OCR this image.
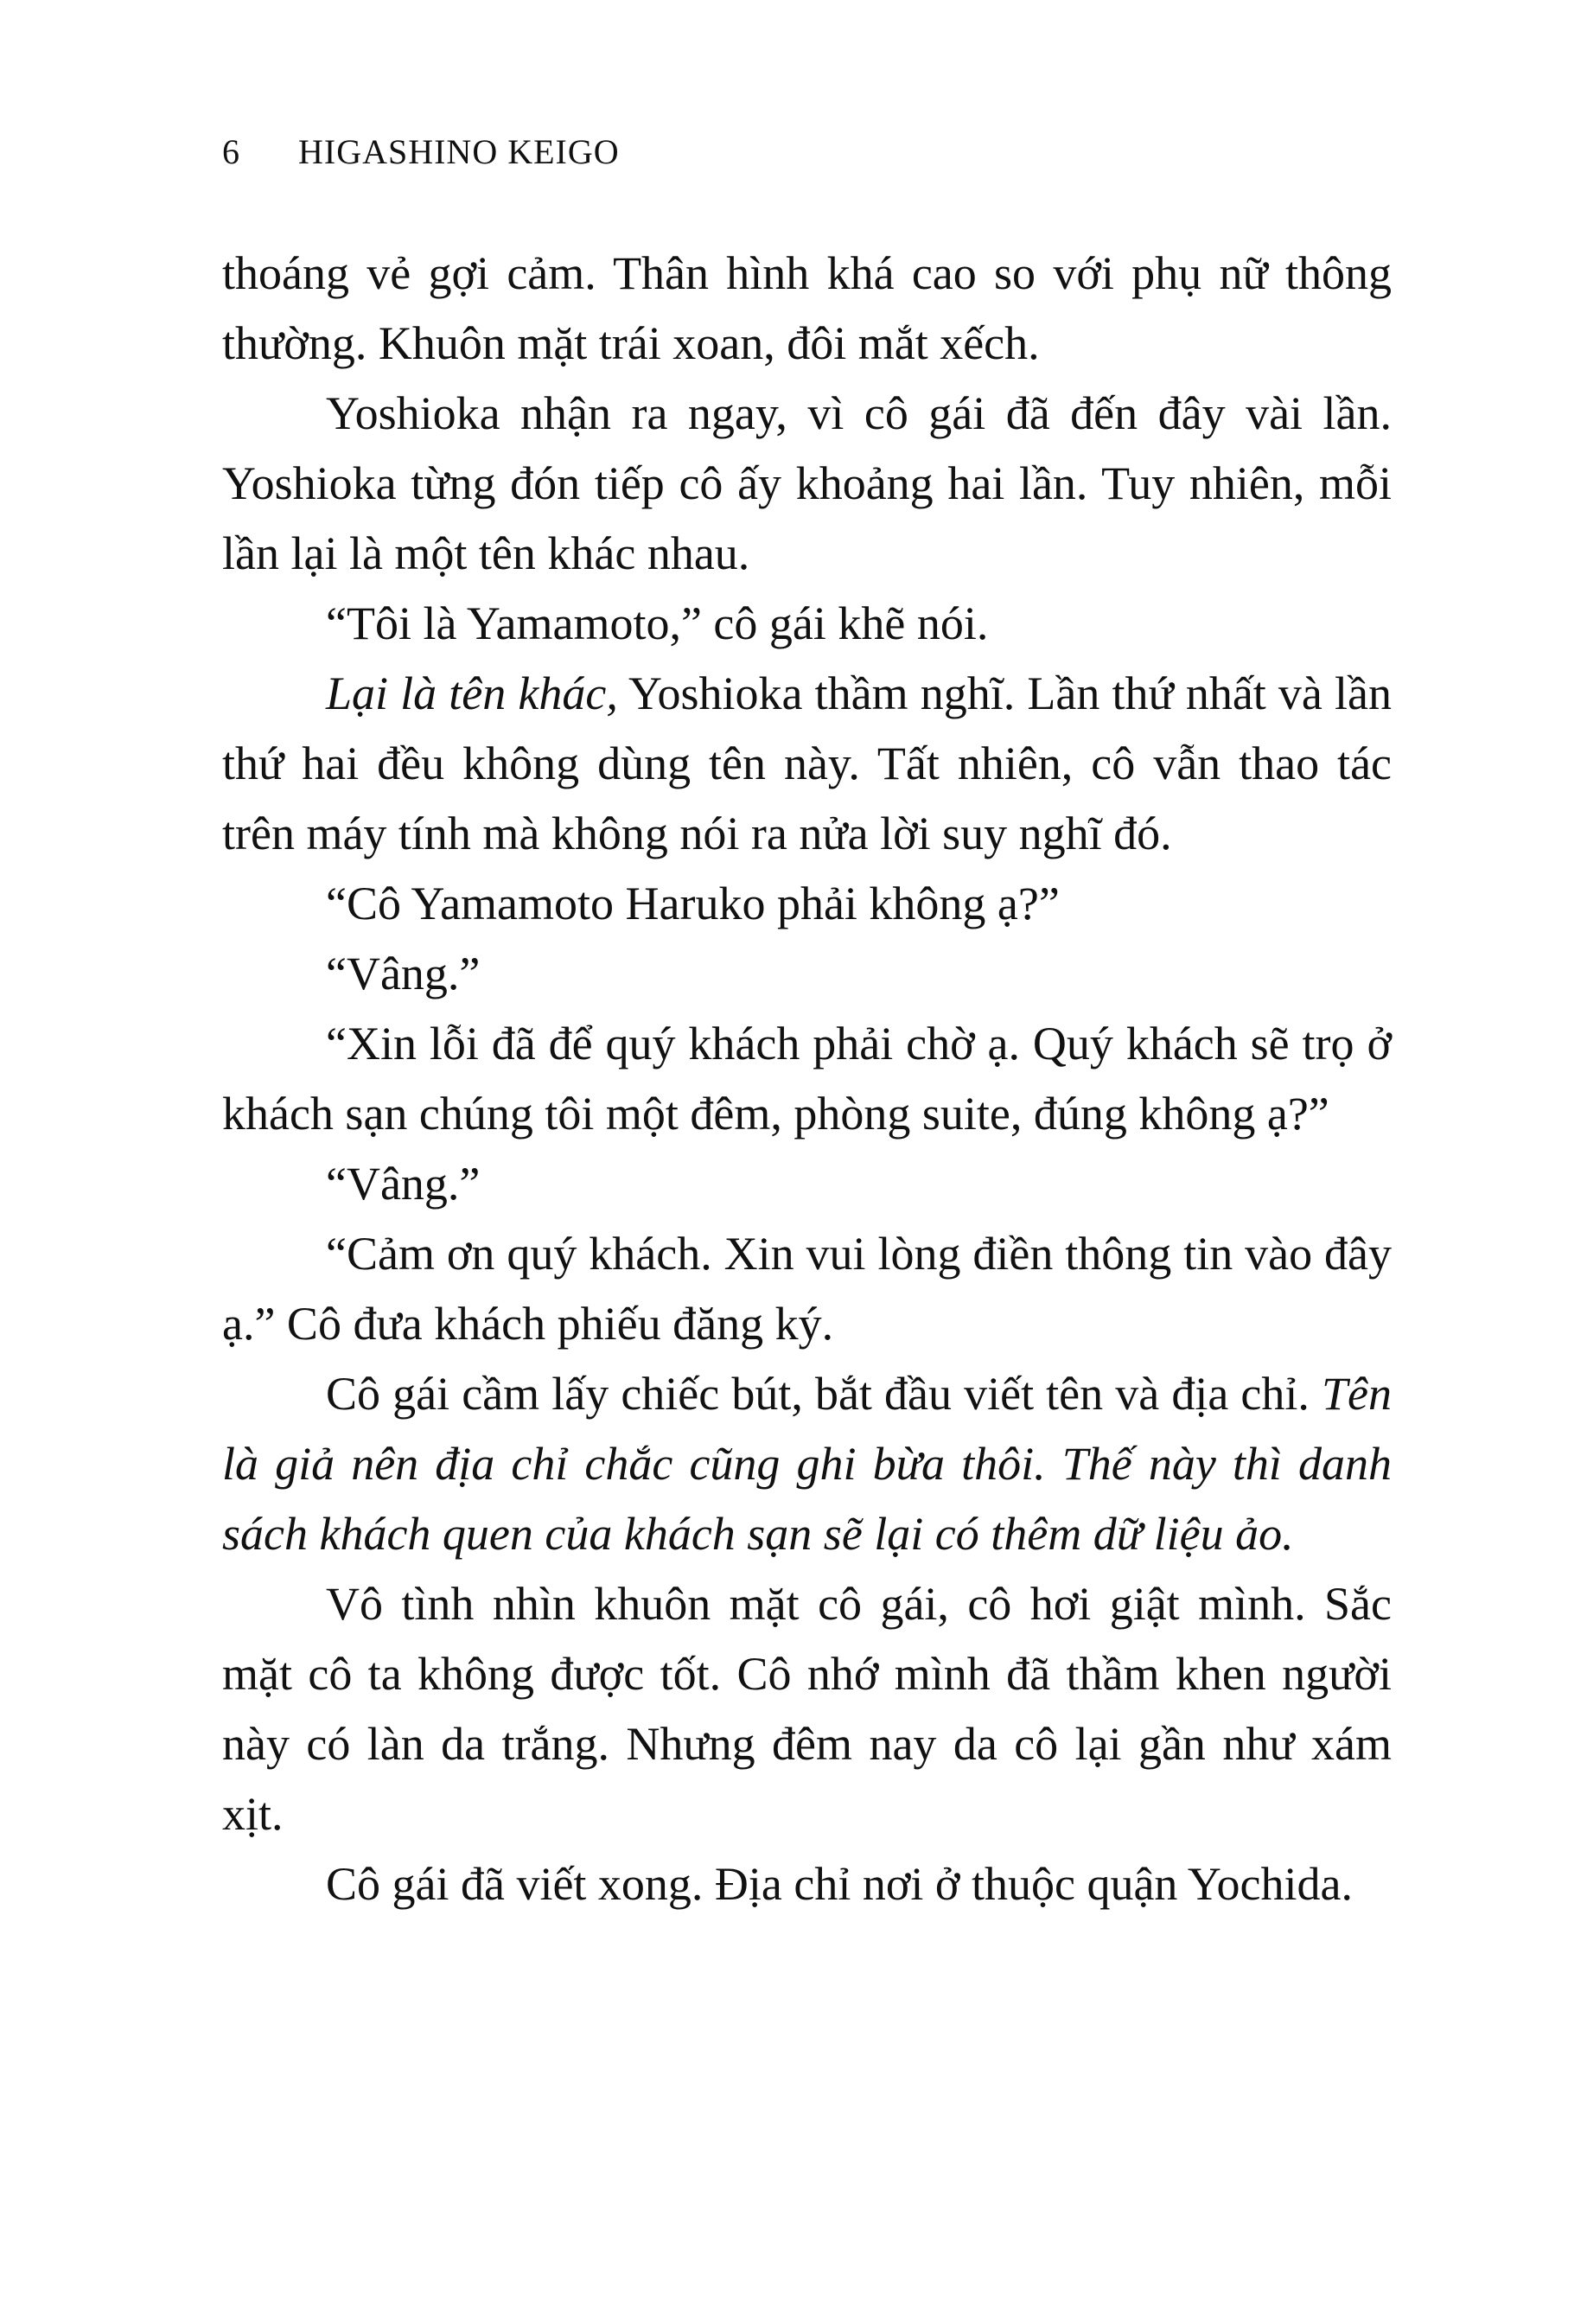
6 HIGASHINO KEIGO

thoáng vẻ gợi cảm. Thân hình khá cao so với phụ nữ thông thường. Khuôn mặt trái xoan, đôi mắt xếch.

Yoshioka nhận ra ngay, vì cô gái đã đến đây vài lần. Yoshioka từng đón tiếp cô ấy khoảng hai lần. Tuy nhiên, mỗi lần lại là một tên khác nhau.

“Tôi là Yamamoto,” cô gái khẽ nói.

Lại là tên khác, Yoshioka thầm nghĩ. Lần thứ nhất và lần thứ hai đều không dùng tên này. Tất nhiên, cô vẫn thao tác trên máy tính mà không nói ra nửa lời suy nghĩ đó.

“Cô Yamamoto Haruko phải không ạ?”

“Vâng.”

“Xin lỗi đã để quý khách phải chờ ạ. Quý khách sẽ trọ ở khách sạn chúng tôi một đêm, phòng suite, đúng không ạ?”

“Vâng.”

“Cảm ơn quý khách. Xin vui lòng điền thông tin vào đây ạ.” Cô đưa khách phiếu đăng ký.

Cô gái cầm lấy chiếc bút, bắt đầu viết tên và địa chỉ. Tên là giả nên địa chỉ chắc cũng ghi bừa thôi. Thế này thì danh sách khách quen của khách sạn sẽ lại có thêm dữ liệu ảo.

Vô tình nhìn khuôn mặt cô gái, cô hơi giật mình. Sắc mặt cô ta không được tốt. Cô nhớ mình đã thầm khen người này có làn da trắng. Nhưng đêm nay da cô lại gần như xám xịt.

Cô gái đã viết xong. Địa chỉ nơi ở thuộc quận Yochida.
